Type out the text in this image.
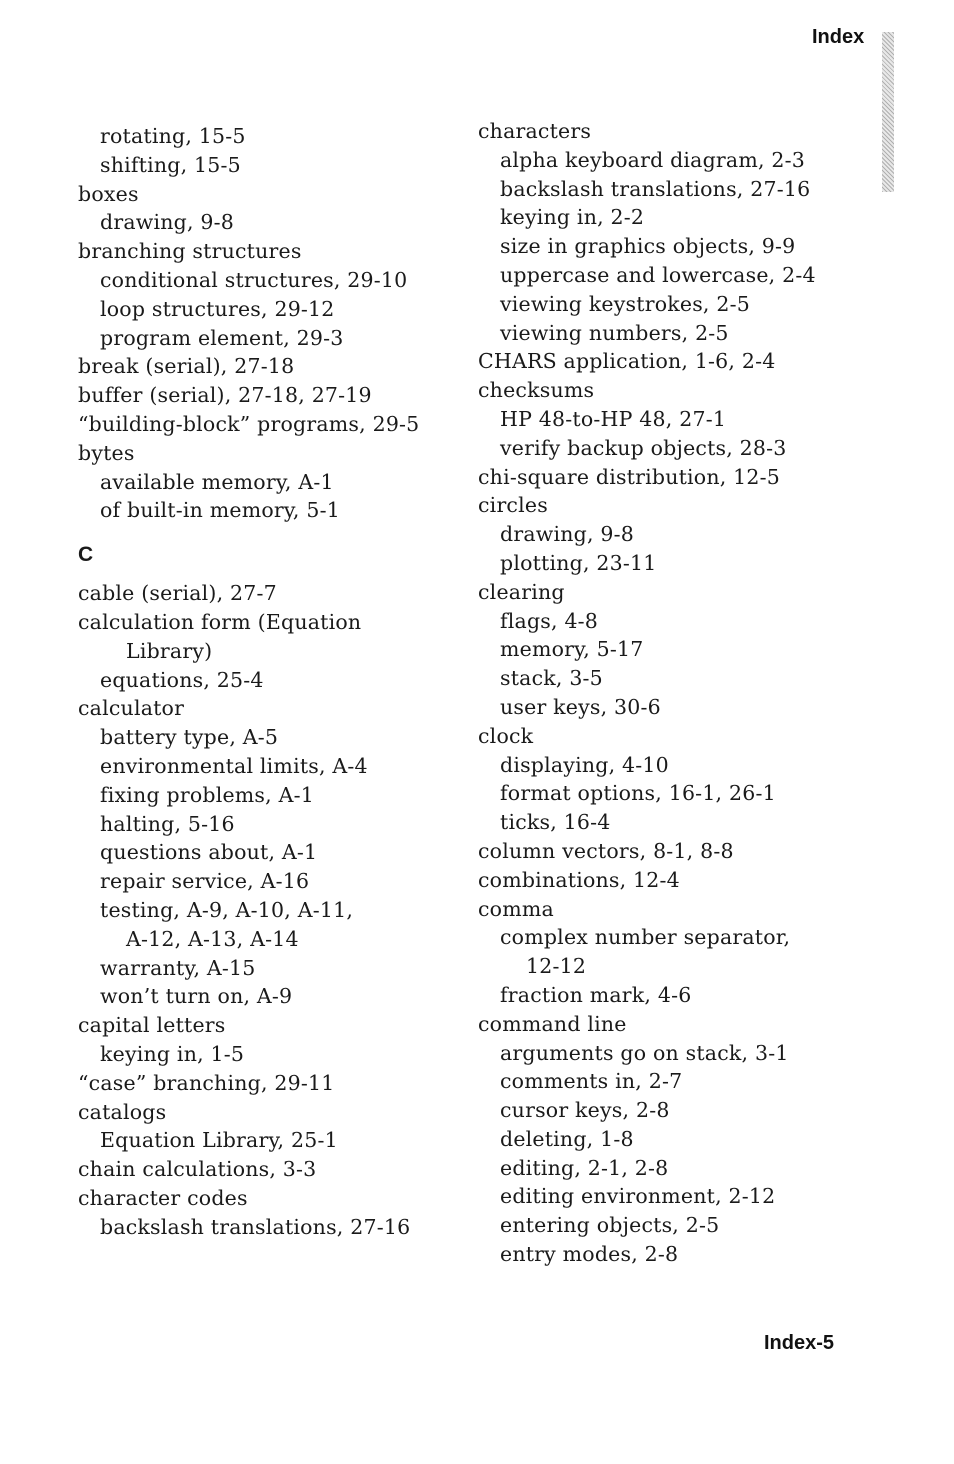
Index
rotating, 15-5
shifting, 15-5
boxes
drawing, 9-8
branching structures
conditional structures, 29-10
loop structures, 29-12
program element, 29-3
break (serial), 27-18
buffer (serial), 27-18, 27-19
“building-block” programs, 29-5
bytes
available memory, A-1
of built-in memory, 5-1
C
cable (serial), 27-7
calculation form (Equation
Library)
equations, 25-4
calculator
battery type, A-5
environmental limits, A-4
fixing problems, A-1
halting, 5-16
questions about, A-1
repair service, A-16
testing, A-9, A-10, A-11,
A-12, A-13, A-14
warranty, A-15
won’t turn on, A-9
capital letters
keying in, 1-5
“case” branching, 29-11
catalogs
Equation Library, 25-1
chain calculations, 3-3
character codes
backslash translations, 27-16
characters
alpha keyboard diagram, 2-3
backslash translations, 27-16
keying in, 2-2
size in graphics objects, 9-9
uppercase and lowercase, 2-4
viewing keystrokes, 2-5
viewing numbers, 2-5
CHARS application, 1-6, 2-4
checksums
HP 48-to-HP 48, 27-1
verify backup objects, 28-3
chi-square distribution, 12-5
circles
drawing, 9-8
plotting, 23-11
clearing
flags, 4-8
memory, 5-17
stack, 3-5
user keys, 30-6
clock
displaying, 4-10
format options, 16-1, 26-1
ticks, 16-4
column vectors, 8-1, 8-8
combinations, 12-4
comma
complex number separator,
12-12
fraction mark, 4-6
command line
arguments go on stack, 3-1
comments in, 2-7
cursor keys, 2-8
deleting, 1-8
editing, 2-1, 2-8
editing environment, 2-12
entering objects, 2-5
entry modes, 2-8
Index-5
